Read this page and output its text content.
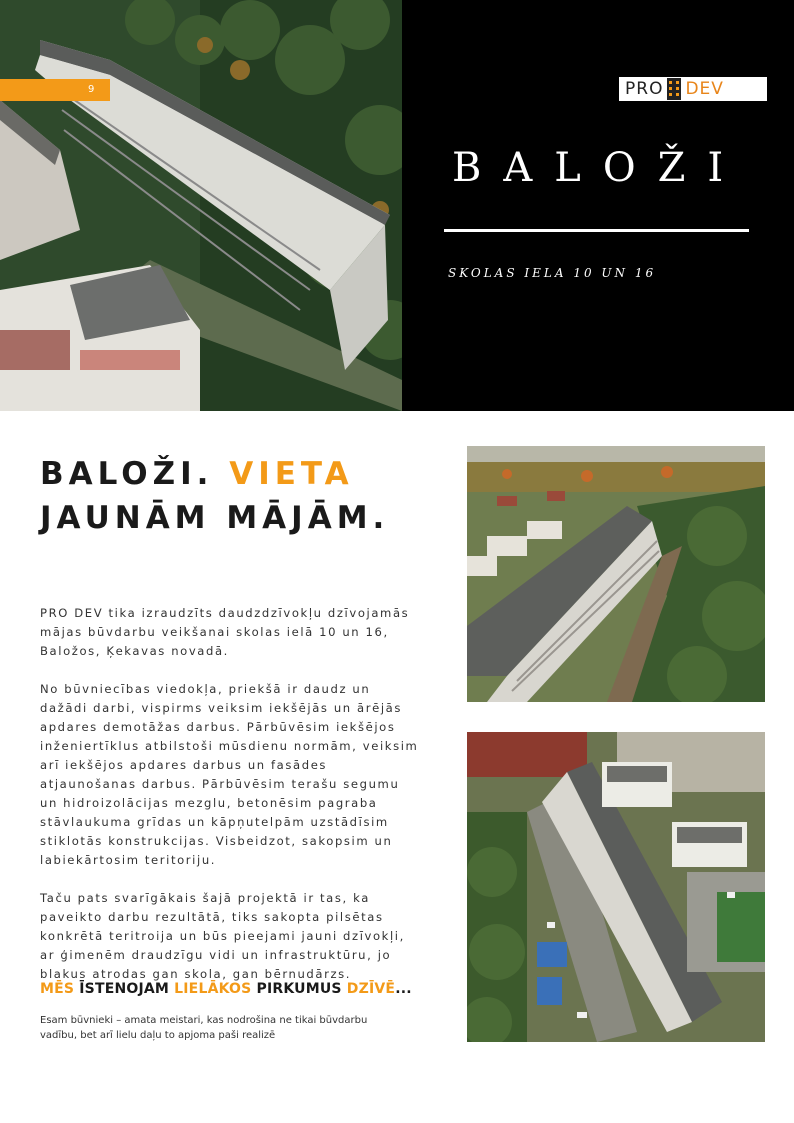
9	PRO DEV
BALOŽI
SKOLAS IELA 10 UN 16
BALOŽI. VIETA
JAUNĀM MĀJĀM.

PRO DEV tika izraudzīts daudzdzīvokļu dzīvojamās mājas būvdarbu veikšanai skolas ielā 10 un 16, Baložos, Ķekavas novadā.

No būvniecības viedokļa, priekšā ir daudz un dažādi darbi, vispirms veiksim iekšējās un ārējās apdares demotāžas darbus. Pārbūvēsim iekšējos inženiertīklus atbilstoši mūsdienu normām, veiksim arī iekšējos apdares darbus un fasādes atjaunošanas darbus. Pārbūvēsim terašu segumu un hidroizolācijas mezglu, betonēsim pagraba stāvlaukuma grīdas un kāpņutelpām uzstādīsim stiklotās konstrukcijas. Visbeidzot, sakopsim un labiekārtosim teritoriju.

Taču pats svarīgākais šajā projektā ir tas, ka paveikto darbu rezultātā, tiks sakopta pilsētas konkrētā teritroija un būs pieejami jauni dzīvokļi, ar ģimenēm draudzīgu vidi un infrastruktūru, jo blakus atrodas gan skola, gan bērnudārzs.

MĒS ĪSTENOJAM LIELĀKOS PIRKUMUS DZĪVĒ...
Esam būvnieki – amata meistari, kas nodrošina ne tikai būvdarbu vadību, bet arī lielu daļu to apjoma paši realizē
